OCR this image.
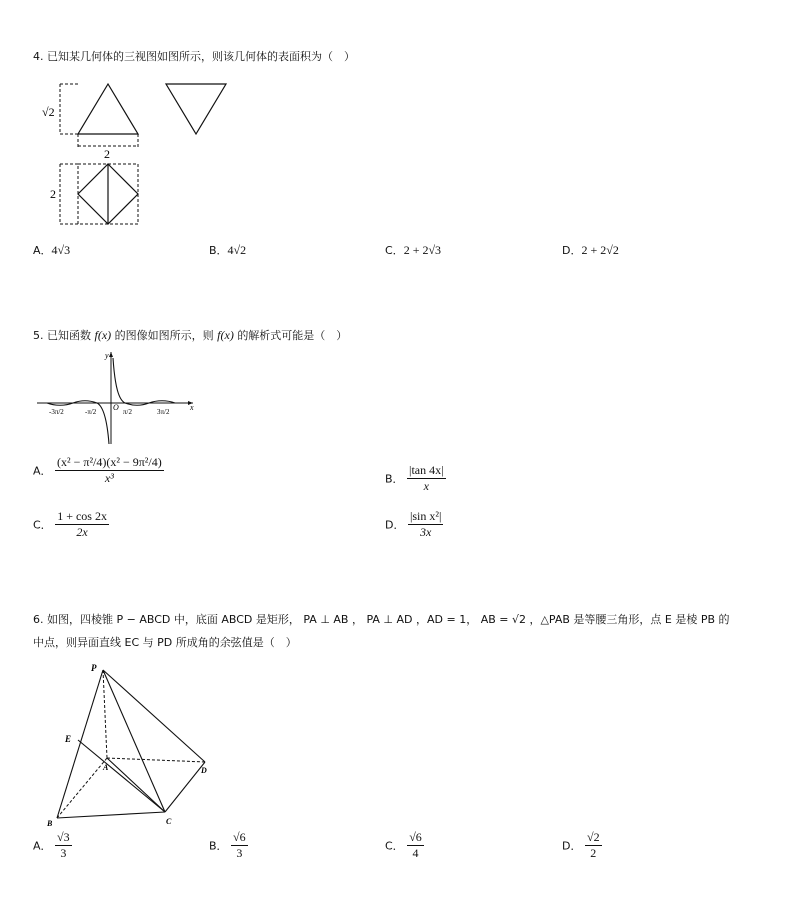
4. 已知某几何体的三视图如图所示，则该几何体的表面积为（　）
√2
2
2
A．4√3	B．4√2	C．2 + 2√3	D．2 + 2√2
5. 已知函数 f(x) 的图像如图所示，则 f(x) 的解析式可能是（　）
y
x
O
-3π/2	-π/2	π/2	3π/2
A． $\frac{\text{(x² − π²/4)(x² − 9π²/4)}}{\text{x³}}$	B． $\frac{|\tan 4x|}{x}$
C． $\frac{1 + \cos 2x}{2x}$	D． $\frac{\text{|sin x²|}}{3x}$
6. 如图，四棱锥 P − ABCD 中，底面 ABCD 是矩形， PA ⊥ AB ， PA ⊥ AD ，AD = 1， AB = √2 ，△PAB 是等腰三角形，点 E 是棱 PB 的
中点，则异面直线 EC 与 PD 所成角的余弦值是（　）
P
E
A
B	C
D
A． $\frac{√3}{3}$	B． $\frac{√6}{3}$	C． $\frac{√6}{4}$	D． $\frac{√2}{2}$
